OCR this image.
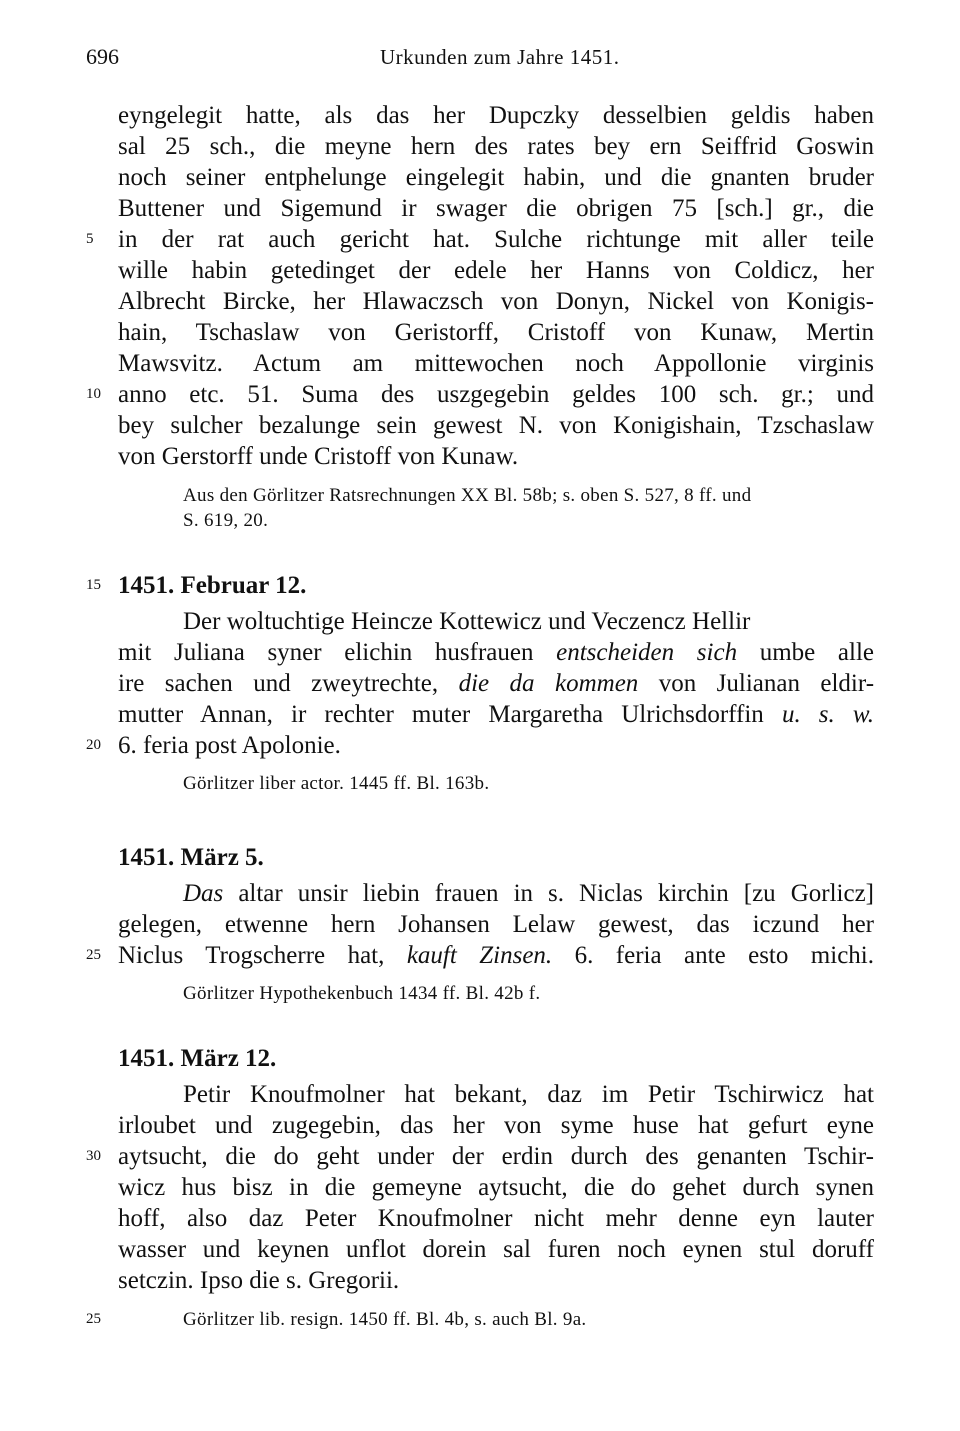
696	Urkunden zum Jahre 1451.
eyngelegit hatte, als das her Dupczky desselbien geldis haben
sal 25 sch., die meyne hern des rates bey ern Seiffrid Goswin
noch seiner entphelunge eingelegit habin, und die gnanten bruder
Buttener und Sigemund ir swager die obrigen 75 [sch.] gr., die
5 in der rat auch gericht hat. Sulche richtunge mit aller teile
wille habin getedinget der edele her Hanns von Coldicz, her
Albrecht Bircke, her Hlawaczsch von Donyn, Nickel von Konigis-
hain, Tschaslaw von Geristorff, Cristoff von Kunaw, Mertin
Mawsvitz. Actum am mittewochen noch Appollonie virginis
10 anno etc. 51. Suma des uszgegebin geldes 100 sch. gr.; und
bey sulcher bezalunge sein gewest N. von Konigishain, Tzschaslaw
von Gerstorff unde Cristoff von Kunaw.
Aus den Görlitzer Ratsrechnungen XX Bl. 58b; s. oben S. 527, 8 ff. und
S. 619, 20.
15 1451. Februar 12.
Der woltuchtige Heincze Kottewicz und Veczencz Hellir
mit Juliana syner elichin husfrauen entscheiden sich umbe alle
ire sachen und zweytrechte, die da kommen von Julianan eldir-
mutter Annan, ir rechter muter Margaretha Ulrichsdorffin u. s. w.
20 6. feria post Apolonie.
Görlitzer liber actor. 1445 ff. Bl. 163b.
1451. März 5.
Das altar unsir liebin frauen in s. Niclas kirchin [zu Gorlicz]
gelegen, etwenne hern Johansen Lelaw gewest, das iczund her
25 Niclus Trogscherre hat, kauft Zinsen. 6. feria ante esto michi.
Görlitzer Hypothekenbuch 1434 ff. Bl. 42b f.
1451. März 12.
Petir Knoufmolner hat bekant, daz im Petir Tschirwicz hat
irloubet und zugegebin, das her von syme huse hat gefurt eyne
30 aytsucht, die do geht under der erdin durch des genanten Tschir-
wicz hus bisz in die gemeyne aytsucht, die do gehet durch synen
hoff, also daz Peter Knoufmolner nicht mehr denne eyn lauter
wasser und keynen unflot dorein sal furen noch eynen stul doruff
setczin. Ipso die s. Gregorii.
25	Görlitzer lib. resign. 1450 ff. Bl. 4b, s. auch Bl. 9a.
